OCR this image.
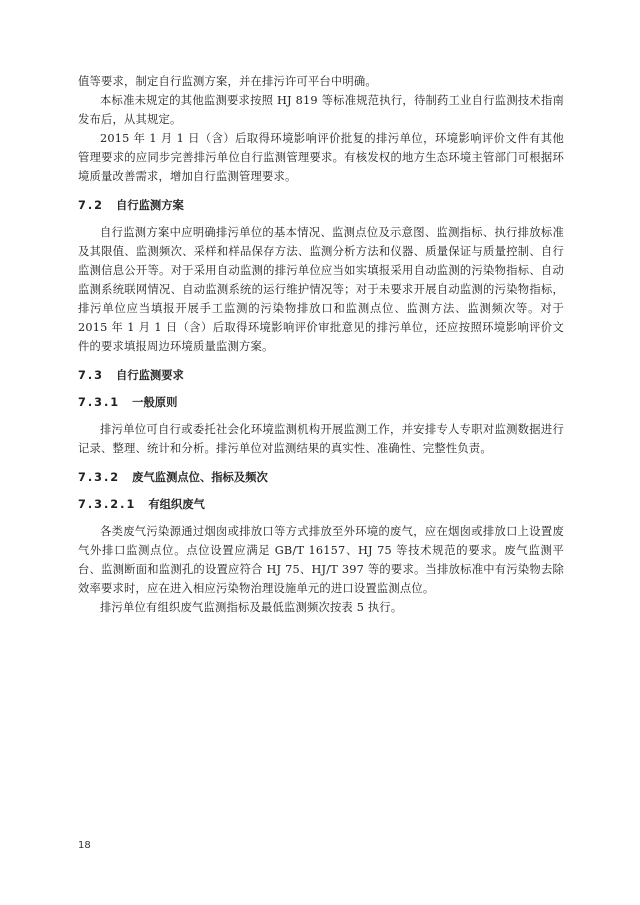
值等要求，制定自行监测方案，并在排污许可平台中明确。

本标准未规定的其他监测要求按照 HJ 819 等标准规范执行，待制药工业自行监测技术指南发布后，从其规定。

2015 年 1 月 1 日（含）后取得环境影响评价批复的排污单位，环境影响评价文件有其他管理要求的应同步完善排污单位自行监测管理要求。有核发权的地方生态环境主管部门可根据环境质量改善需求，增加自行监测管理要求。

7.2 自行监测方案

自行监测方案中应明确排污单位的基本情况、监测点位及示意图、监测指标、执行排放标准及其限值、监测频次、采样和样品保存方法、监测分析方法和仪器、质量保证与质量控制、自行监测信息公开等。对于采用自动监测的排污单位应当如实填报采用自动监测的污染物指标、自动监测系统联网情况、自动监测系统的运行维护情况等；对于未要求开展自动监测的污染物指标，排污单位应当填报开展手工监测的污染物排放口和监测点位、监测方法、监测频次等。对于 2015 年 1 月 1 日（含）后取得环境影响评价审批意见的排污单位，还应按照环境影响评价文件的要求填报周边环境质量监测方案。

7.3 自行监测要求
7.3.1 一般原则

排污单位可自行或委托社会化环境监测机构开展监测工作，并安排专人专职对监测数据进行记录、整理、统计和分析。排污单位对监测结果的真实性、准确性、完整性负责。

7.3.2 废气监测点位、指标及频次
7.3.2.1 有组织废气

各类废气污染源通过烟囱或排放口等方式排放至外环境的废气，应在烟囱或排放口上设置废气外排口监测点位。点位设置应满足 GB/T 16157、HJ 75 等技术规范的要求。废气监测平台、监测断面和监测孔的设置应符合 HJ 75、HJ/T 397 等的要求。当排放标准中有污染物去除效率要求时，应在进入相应污染物治理设施单元的进口设置监测点位。

排污单位有组织废气监测指标及最低监测频次按表 5 执行。

18
